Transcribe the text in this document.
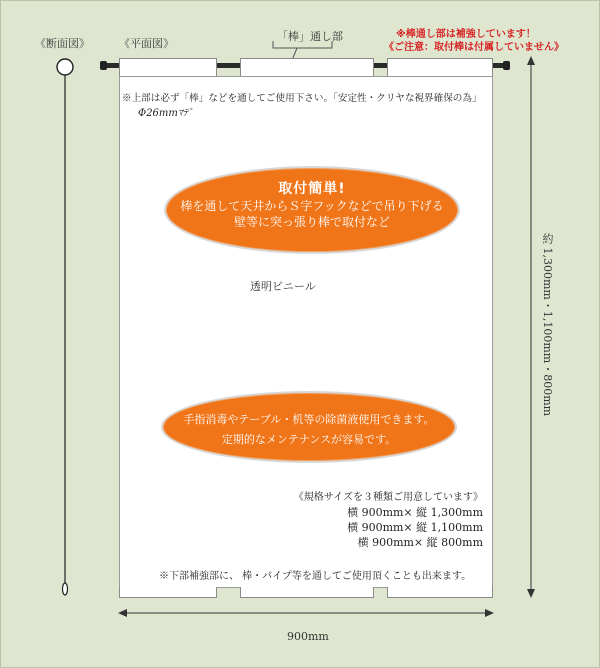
《断面図》	《平面図》
「棒」通し部	※棒通し部は補強しています！
《ご注意：取付棒は付属していません》
※上部は必ず「棒」などを通してご使用下さい。「安定性・クリヤな視界確保の為」
Φ26mmﾏﾃﾞ
取付簡単!
棒を通して天井からＳ字フックなどで吊り下げる
壁等に突っ張り棒で取付など
透明ビニール
手指消毒やテーブル・机等の除菌液使用できます。
定期的なメンテナンスが容易です。
《規格サイズを３種類ご用意しています》
横 900mm× 縦 1,300mm
横 900mm× 縦 1,100mm
横 900mm× 縦 800mm
※下部補強部に、 棒・パイプ等を通してご使用頂くことも出来ます。
900mm
約 1,300mm・1,100mm・800mm
